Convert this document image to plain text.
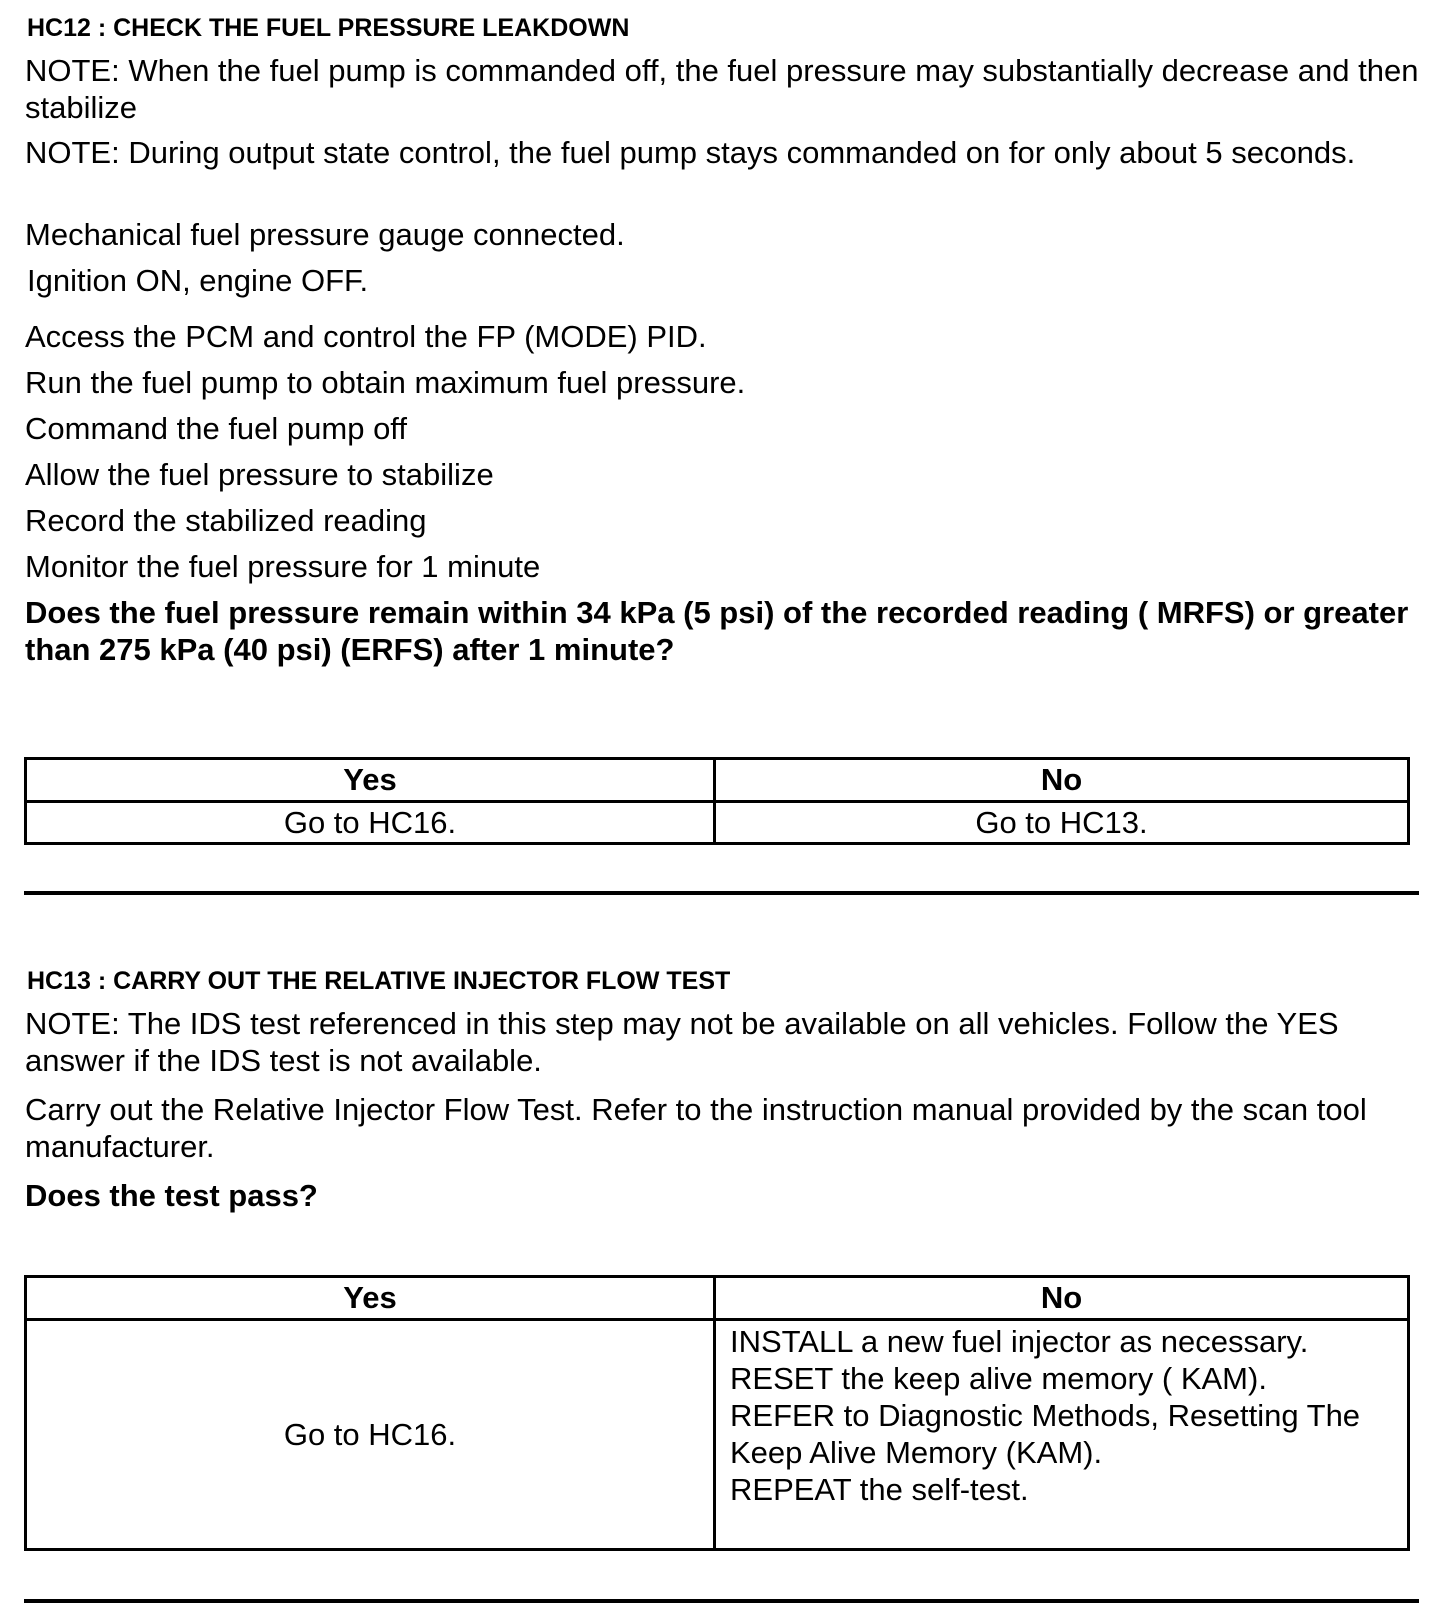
HC12 : CHECK THE FUEL PRESSURE LEAKDOWN
NOTE: When the fuel pump is commanded off, the fuel pressure may substantially decrease and then stabilize
NOTE: During output state control, the fuel pump stays commanded on for only about 5 seconds.
Mechanical fuel pressure gauge connected.
Ignition ON, engine OFF.
Access the PCM and control the FP (MODE) PID.
Run the fuel pump to obtain maximum fuel pressure.
Command the fuel pump off
Allow the fuel pressure to stabilize
Record the stabilized reading
Monitor the fuel pressure for 1 minute
Does the fuel pressure remain within 34 kPa (5 psi) of the recorded reading ( MRFS) or greater than 275 kPa (40 psi) (ERFS) after 1 minute?
Yes	No
Go to HC16.	Go to HC13.
HC13 : CARRY OUT THE RELATIVE INJECTOR FLOW TEST
NOTE: The IDS test referenced in this step may not be available on all vehicles. Follow the YES answer if the IDS test is not available.
Carry out the Relative Injector Flow Test. Refer to the instruction manual provided by the scan tool manufacturer.
Does the test pass?
Yes	No
Go to HC16.	INSTALL a new fuel injector as necessary.
RESET the keep alive memory ( KAM).
REFER to Diagnostic Methods, Resetting The Keep Alive Memory (KAM).
REPEAT the self-test.
